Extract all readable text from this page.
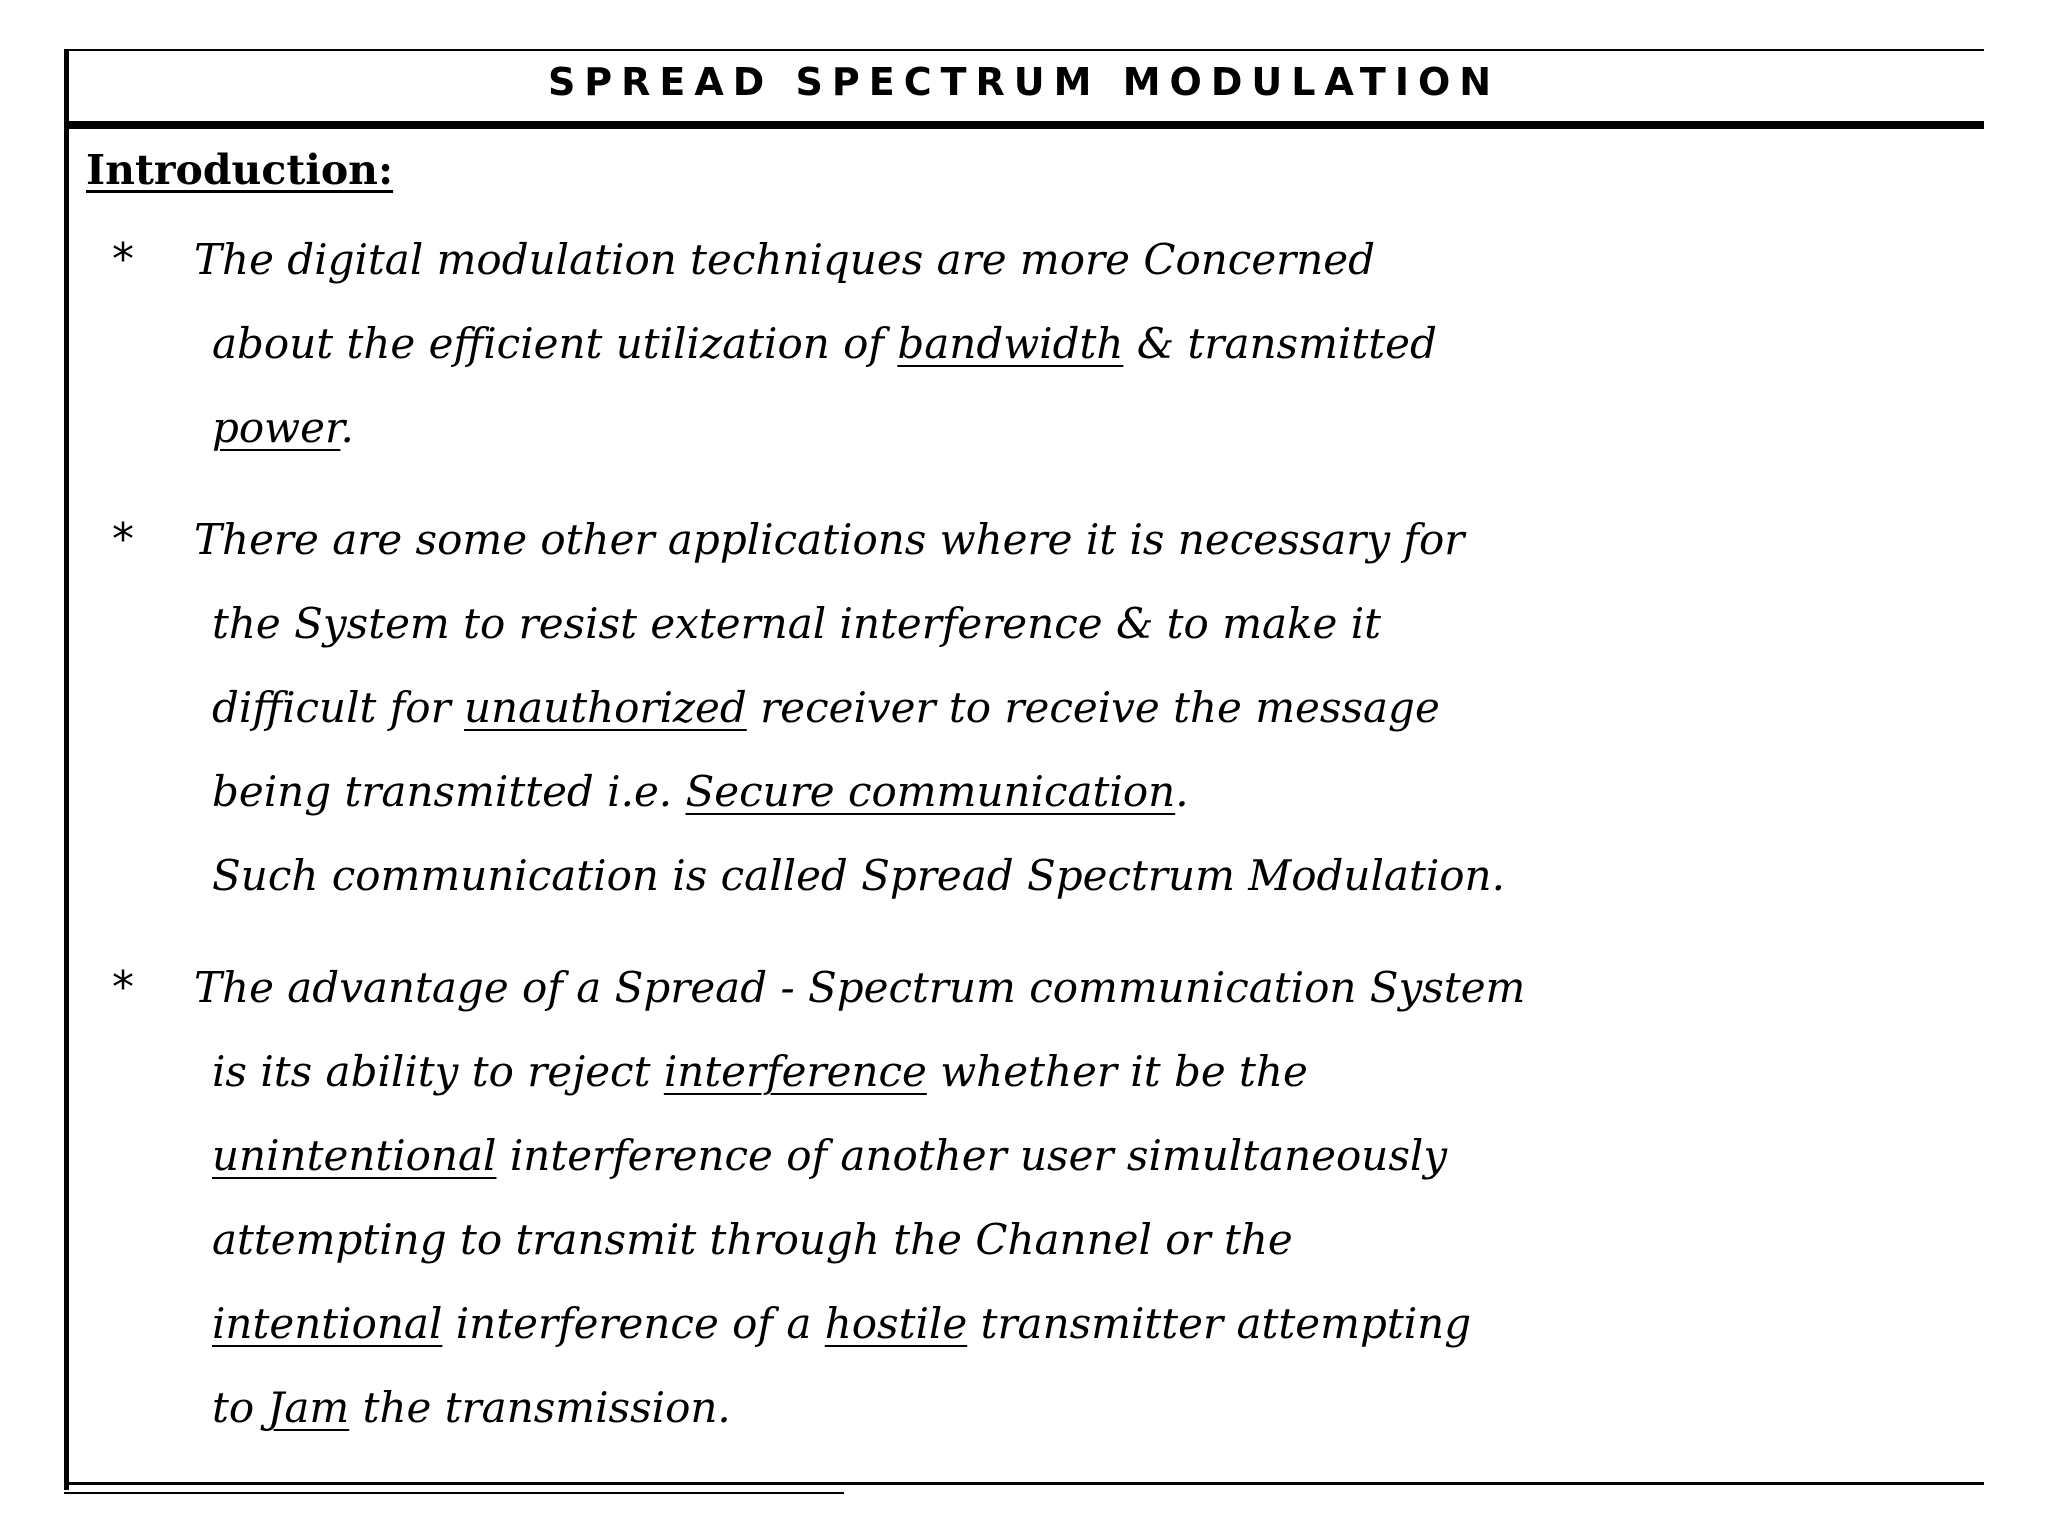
SPREAD SPECTRUM MODULATION
Introduction:
*	The digital modulation techniques are more Concerned
about the efficient utilization of bandwidth & transmitted
power.
*	There are some other applications where it is necessary for
the System to resist external interference & to make it
difficult for unauthorized receiver to receive the message
being transmitted i.e. Secure communication.
Such communication is called Spread Spectrum Modulation.
*	The advantage of a Spread - Spectrum communication System
is its ability to reject interference whether it be the
unintentional interference of another user simultaneously
attempting to transmit through the Channel or the
intentional interference of a hostile transmitter attempting
to Jam the transmission.
